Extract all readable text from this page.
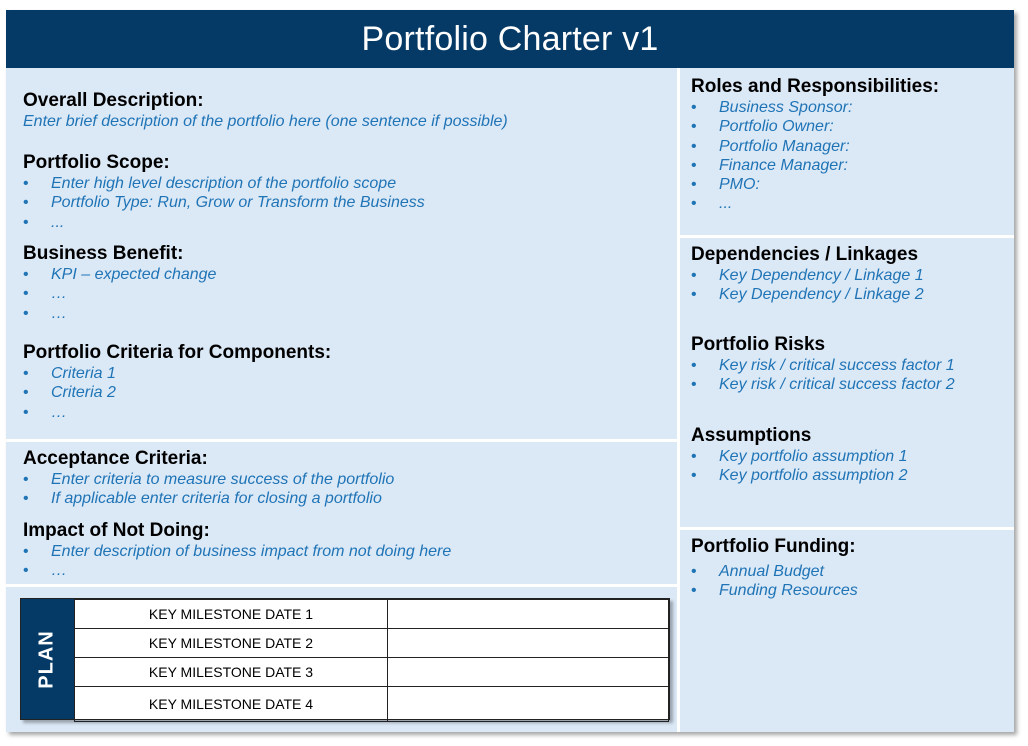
Portfolio Charter v1
Overall Description:
Enter brief description of the portfolio here (one sentence if possible)
Portfolio Scope:
• Enter high level description of the portfolio scope
• Portfolio Type: Run, Grow or Transform the Business
• ...
Business Benefit:
• KPI – expected change
• …
• …
Portfolio Criteria for Components:
• Criteria 1
• Criteria 2
• …
Acceptance Criteria:
• Enter criteria to measure success of the portfolio
• If applicable enter criteria for closing a portfolio
Impact of Not Doing:
• Enter description of business impact from not doing here
• …
PLAN
KEY MILESTONE DATE 1	
KEY MILESTONE DATE 2	
KEY MILESTONE DATE 3	
KEY MILESTONE DATE 4	
Roles and Responsibilities:
• Business Sponsor:
• Portfolio Owner:
• Portfolio Manager:
• Finance Manager:
• PMO:
• ...
Dependencies / Linkages
• Key Dependency / Linkage 1
• Key Dependency / Linkage 2
Portfolio Risks
• Key risk / critical success factor 1
• Key risk / critical success factor 2
Assumptions
• Key portfolio assumption 1
• Key portfolio assumption 2
Portfolio Funding:
• Annual Budget
• Funding Resources
